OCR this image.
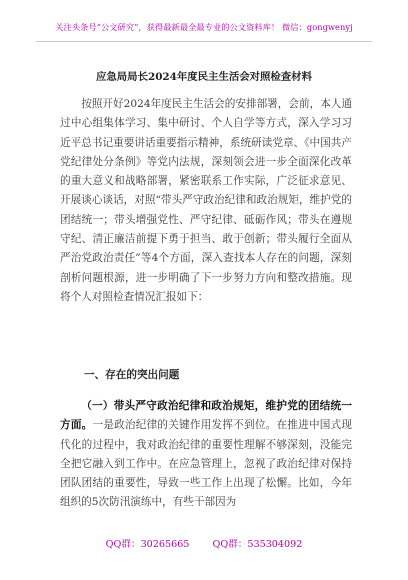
关注头条号“公文研究”，获得最新最全最专业的公文资料库！ 微信：gongwenyj
应急局局长2024年度民主生活会对照检查材料

按照开好2024年度民主生活会的安排部署，会前，本人通过中心组集体学习、集中研讨、个人自学等方式，深入学习习近平总书记重要讲话重要指示精神，系统研读党章、《中国共产党纪律处分条例》等党内法规，深刻领会进一步全面深化改革的重大意义和战略部署，紧密联系工作实际，广泛征求意见、开展谈心谈话，对照“带头严守政治纪律和政治规矩，维护党的团结统一；带头增强党性、严守纪律、砥砺作风；带头在遵规守纪、清正廉洁前提下勇于担当、敢于创新；带头履行全面从严治党政治责任”等4个方面，深入查找本人存在的问题，深刻剖析问题根源，进一步明确了下一步努力方向和整改措施。现将个人对照检查情况汇报如下：

一、存在的突出问题

（一）带头严守政治纪律和政治规矩，维护党的团结统一方面。一是政治纪律的关键作用发挥不到位。在推进中国式现代化的过程中，我对政治纪律的重要性理解不够深刻，没能完全把它融入到工作中。在应急管理上，忽视了政治纪律对保持团队团结的重要性，导致一些工作上出现了松懈。比如，今年组织的5次防汛演练中，有些干部因为

QQ群：30265665 QQ群：535304092
